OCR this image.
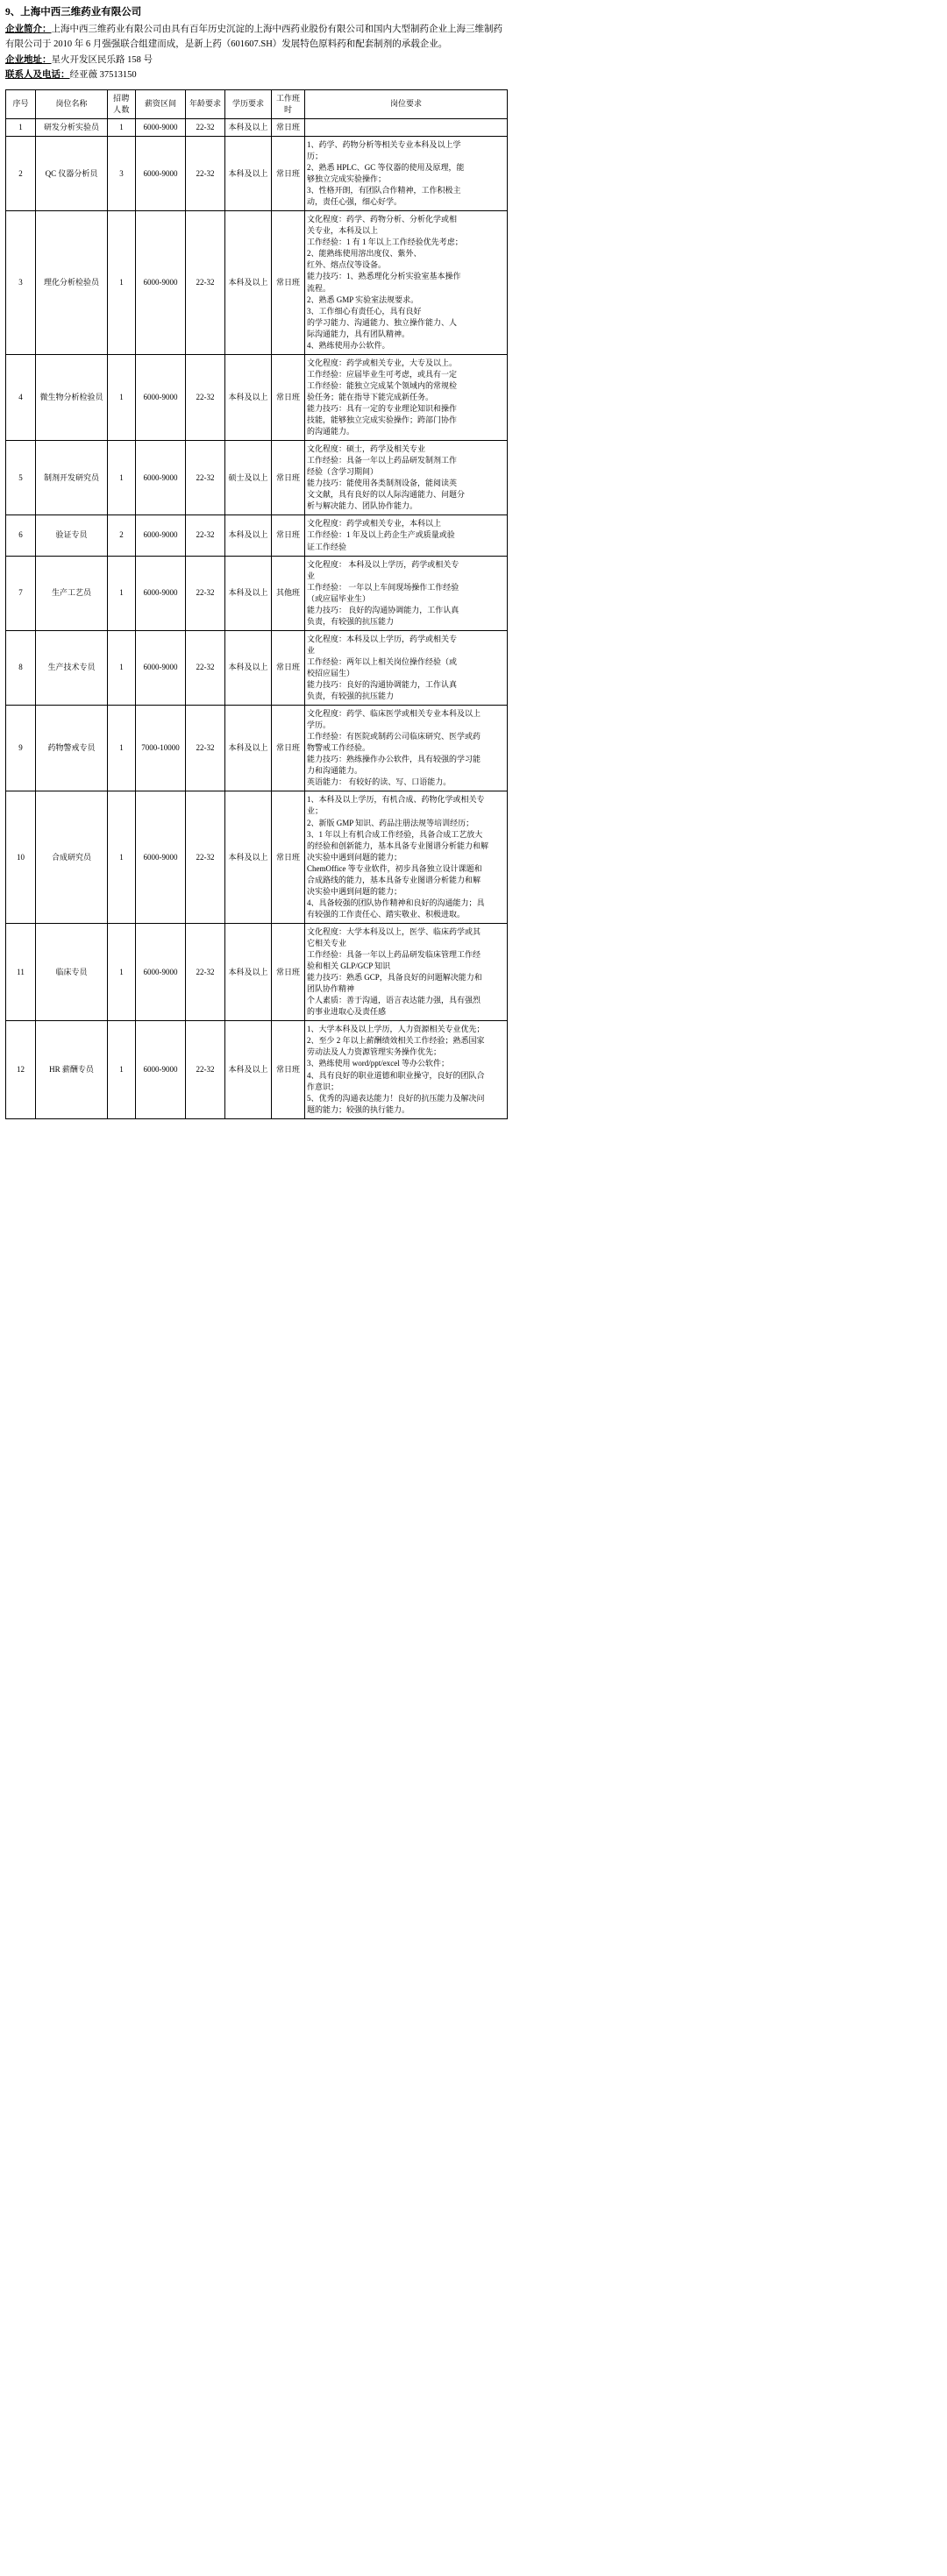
9、上海中西三维药业有限公司
企业简介：上海中西三维药业有限公司由具有百年历史沉淀的上海中西药业股份有限公司和国内大型制药企业上海三维制药有限公司于 2010 年 6 月强强联合组建而成，是新上药（601607.SH）发展特色原料药和配套制剂的承载企业。
企业地址：星火开发区民乐路 158 号
联系人及电话：经亚薇 37513150
序号	岗位名称	招聘人数	薪资区间	年龄要求	学历要求	工作班时	岗位要求
1	研发分析实验员	1	6000-9000	22-32	本科及以上	常日班	
2	QC 仪器分析员	3	6000-9000	22-32	本科及以上	常日班	
1、药学、药物分析等相关专业本科及以上学
历；
2、熟悉 HPLC、GC 等仪器的使用及原理，能
够独立完成实验操作；
3、性格开朗，有团队合作精神，工作积极主
动，责任心强，细心好学。

3	理化分析检验员	1	6000-9000	22-32	本科及以上	常日班	
文化程度：药学、药物分析、分析化学或相
关专业，本科及以上
工作经验：1 有 1 年以上工作经验优先考虑；
2、能熟练使用溶出度仪、紫外、
红外、熔点仪等设备。
能力技巧：1、熟悉理化分析实验室基本操作
流程。
2、熟悉 GMP 实验室法规要求。
3、工作细心有责任心，具有良好
的学习能力、沟通能力、独立操作能力、人
际沟通能力，具有团队精神。
4、熟练使用办公软件。

4	微生物分析检验员	1	6000-9000	22-32	本科及以上	常日班	
文化程度：药学或相关专业，大专及以上。
工作经验：应届毕业生可考虑，或具有一定
工作经验：能独立完成某个领域内的常规检
验任务；能在指导下能完成新任务。
能力技巧：具有一定的专业理论知识和操作
技能，能够独立完成实验操作；跨部门协作
的沟通能力。

5	制剂开发研究员	1	6000-9000	22-32	硕士及以上	常日班	
文化程度：硕士，药学及相关专业
工作经验：具备一年以上药品研发制剂工作
经验（含学习期间）
能力技巧：能使用各类制剂设备，能阅读英
文文献，具有良好的以人际沟通能力、问题分
析与解决能力、团队协作能力。

6	验证专员	2	6000-9000	22-32	本科及以上	常日班	文化程度：药学或相关专业，本科以上
工作经验：1 年及以上药企生产或质量或验
证工作经验

7	生产工艺员	1	6000-9000	22-32	本科及以上	其他班	
文化程度： 本科及以上学历，药学或相关专
业
工作经验： 一年以上车间现场操作工作经验
（或应届毕业生）
能力技巧： 良好的沟通协调能力，工作认真
负责，有较强的抗压能力

8	生产技术专员	1	6000-9000	22-32	本科及以上	常日班	
文化程度：本科及以上学历，药学或相关专
业
工作经验：两年以上相关岗位操作经验（或
校招应届生）
能力技巧：良好的沟通协调能力，工作认真
负责，有较强的抗压能力

9	药物警戒专员	1	7000-10000	22-32	本科及以上	常日班	
文化程度：药学、临床医学或相关专业本科及以上
学历。
工作经验：有医院或制药公司临床研究、医学或药
物警戒工作经验。
能力技巧：熟练操作办公软件，具有较强的学习能
力和沟通能力。
英语能力： 有较好的读、写、口语能力。

10	合成研究员	1	6000-9000	22-32	本科及以上	常日班	
1、本科及以上学历，有机合成、药物化学或相关专
业；
2、新版 GMP 知识、药品注册法规等培训经历；
3、1 年以上有机合成工作经验，具备合成工艺放大
的经验和创新能力，基本具备专业图谱分析能力和解
决实验中遇到问题的能力；
ChemOffice 等专业软件，初步具备独立设计课题和
合成路线的能力，基本具备专业图谱分析能力和解
决实验中遇到问题的能力；
4、具备较强的团队协作精神和良好的沟通能力；具
有较强的工作责任心、踏实敬业、积极进取。

11	临床专员	1	6000-9000	22-32	本科及以上	常日班	
文化程度：大学本科及以上，医学、临床药学或其
它相关专业
工作经验：具备一年以上药品研发临床管理工作经
验和相关 GLP/GCP 知识
能力技巧：熟悉 GCP，具备良好的问题解决能力和
团队协作精神
个人素质：善于沟通，语言表达能力强，具有强烈
的事业进取心及责任感

12	HR 薪酬专员	1	6000-9000	22-32	本科及以上	常日班	
1、大学本科及以上学历，人力资源相关专业优先；
2、至少 2 年以上薪酬绩效相关工作经验；熟悉国家
劳动法及人力资源管理实务操作优先；
3、熟练使用 word/ppt/excel 等办公软件；
4、具有良好的职业道德和职业操守，良好的团队合
作意识；
5、优秀的沟通表达能力！良好的抗压能力及解决问
题的能力；较强的执行能力。
